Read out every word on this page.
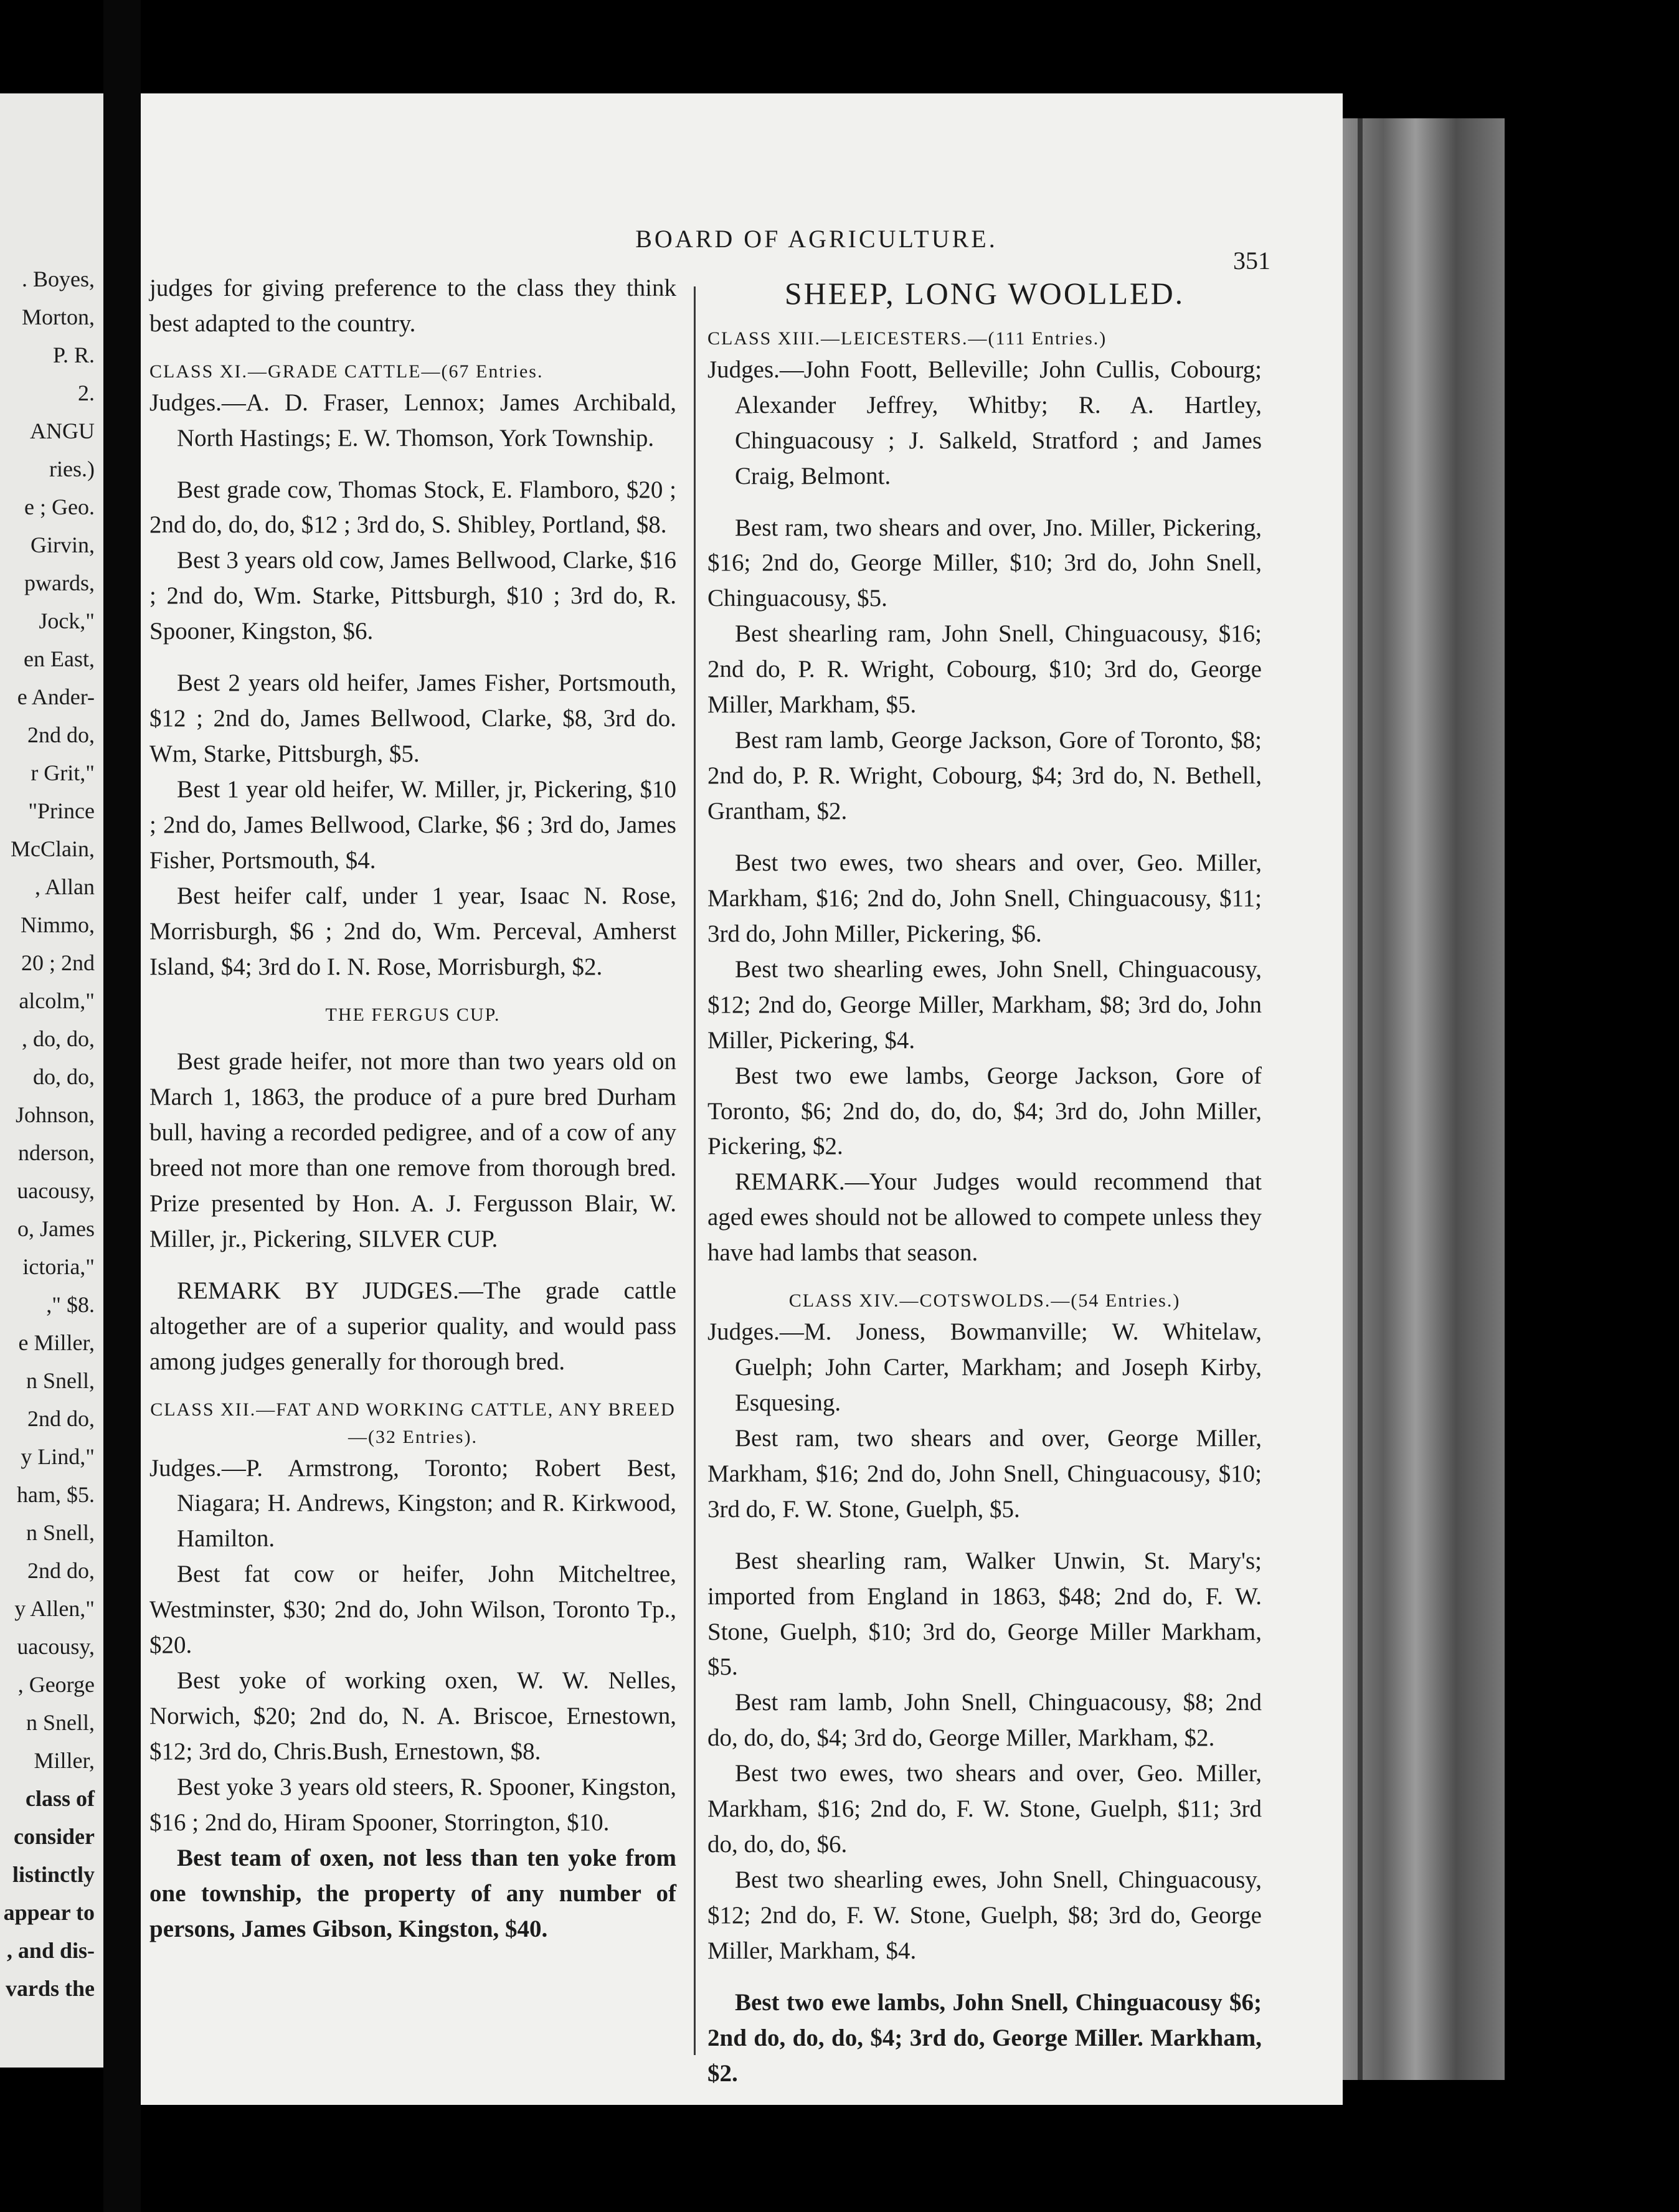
. Boyes,
Morton,
P. R.
2.
ANGU
ries.)
e ; Geo.
Girvin,
pwards,
Jock,"
en East,
e Ander-
2nd do,
r Grit,"
"Prince
McClain,
, Allan
Nimmo,
20 ; 2nd
alcolm,"
, do, do,
do, do,
Johnson,
nderson,
uacousy,
o, James
ictoria,"
," $8.
e Miller,
n Snell,
2nd do,
y Lind,"
ham, $5.
n Snell,
2nd do,
y Allen,"
uacousy,
, George
n Snell,
Miller,
class of
consider
listinctly
appear to
, and dis-
vards the
BOARD OF AGRICULTURE.
351

judges for giving preference to the class they think best adapted to the country.

CLASS XI.—GRADE CATTLE—(67 Entries.

Judges.—A. D. Fraser, Lennox; James Archibald, North Hastings; E. W. Thomson, York Township.

Best grade cow, Thomas Stock, E. Flamboro, $20 ; 2nd do, do, do, $12 ; 3rd do, S. Shibley, Portland, $8.

Best 3 years old cow, James Bellwood, Clarke, $16 ; 2nd do, Wm. Starke, Pittsburgh, $10 ; 3rd do, R. Spooner, Kingston, $6.

Best 2 years old heifer, James Fisher, Portsmouth, $12 ; 2nd do, James Bellwood, Clarke, $8, 3rd do. Wm, Starke, Pittsburgh, $5.

Best 1 year old heifer, W. Miller, jr, Pickering, $10 ; 2nd do, James Bellwood, Clarke, $6 ; 3rd do, James Fisher, Portsmouth, $4.

Best heifer calf, under 1 year, Isaac N. Rose, Morrisburgh, $6 ; 2nd do, Wm. Perceval, Amherst Island, $4; 3rd do I. N. Rose, Morrisburgh, $2.

THE FERGUS CUP.

Best grade heifer, not more than two years old on March 1, 1863, the produce of a pure bred Durham bull, having a recorded pedigree, and of a cow of any breed not more than one remove from thorough bred. Prize presented by Hon. A. J. Fergusson Blair, W. Miller, jr., Pickering, SILVER CUP.

REMARK BY JUDGES.—The grade cattle altogether are of a superior quality, and would pass among judges generally for thorough bred.

CLASS XII.—FAT AND WORKING CATTLE, ANY BREED—(32 Entries).

Judges.—P. Armstrong, Toronto; Robert Best, Niagara; H. Andrews, Kingston; and R. Kirkwood, Hamilton.

Best fat cow or heifer, John Mitcheltree, Westminster, $30; 2nd do, John Wilson, Toronto Tp., $20.

Best yoke of working oxen, W. W. Nelles, Norwich, $20; 2nd do, N. A. Briscoe, Ernestown, $12; 3rd do, Chris.Bush, Ernestown, $8.

Best yoke 3 years old steers, R. Spooner, Kingston, $16 ; 2nd do, Hiram Spooner, Storrington, $10.

Best team of oxen, not less than ten yoke from one township, the property of any number of persons, James Gibson, Kingston, $40.

SHEEP, LONG WOOLLED.

CLASS XIII.—LEICESTERS.—(111 Entries.)

Judges.—John Foott, Belleville; John Cullis, Cobourg; Alexander Jeffrey, Whitby; R. A. Hartley, Chinguacousy ; J. Salkeld, Stratford ; and James Craig, Belmont.

Best ram, two shears and over, Jno. Miller, Pickering, $16; 2nd do, George Miller, $10; 3rd do, John Snell, Chinguacousy, $5.

Best shearling ram, John Snell, Chinguacousy, $16; 2nd do, P. R. Wright, Cobourg, $10; 3rd do, George Miller, Markham, $5.

Best ram lamb, George Jackson, Gore of Toronto, $8; 2nd do, P. R. Wright, Cobourg, $4; 3rd do, N. Bethell, Grantham, $2.

Best two ewes, two shears and over, Geo. Miller, Markham, $16; 2nd do, John Snell, Chinguacousy, $11; 3rd do, John Miller, Pickering, $6.

Best two shearling ewes, John Snell, Chinguacousy, $12; 2nd do, George Miller, Markham, $8; 3rd do, John Miller, Pickering, $4.

Best two ewe lambs, George Jackson, Gore of Toronto, $6; 2nd do, do, do, $4; 3rd do, John Miller, Pickering, $2.

REMARK.—Your Judges would recommend that aged ewes should not be allowed to compete unless they have had lambs that season.

CLASS XIV.—COTSWOLDS.—(54 Entries.)

Judges.—M. Joness, Bowmanville; W. Whitelaw, Guelph; John Carter, Markham; and Joseph Kirby, Esquesing.

Best ram, two shears and over, George Miller, Markham, $16; 2nd do, John Snell, Chinguacousy, $10; 3rd do, F. W. Stone, Guelph, $5.

Best shearling ram, Walker Unwin, St. Mary's; imported from England in 1863, $48; 2nd do, F. W. Stone, Guelph, $10; 3rd do, George Miller Markham, $5.

Best ram lamb, John Snell, Chinguacousy, $8; 2nd do, do, do, $4; 3rd do, George Miller, Markham, $2.

Best two ewes, two shears and over, Geo. Miller, Markham, $16; 2nd do, F. W. Stone, Guelph, $11; 3rd do, do, do, $6.

Best two shearling ewes, John Snell, Chinguacousy, $12; 2nd do, F. W. Stone, Guelph, $8; 3rd do, George Miller, Markham, $4.

Best two ewe lambs, John Snell, Chinguacousy $6; 2nd do, do, do, $4; 3rd do, George Miller. Markham, $2.
